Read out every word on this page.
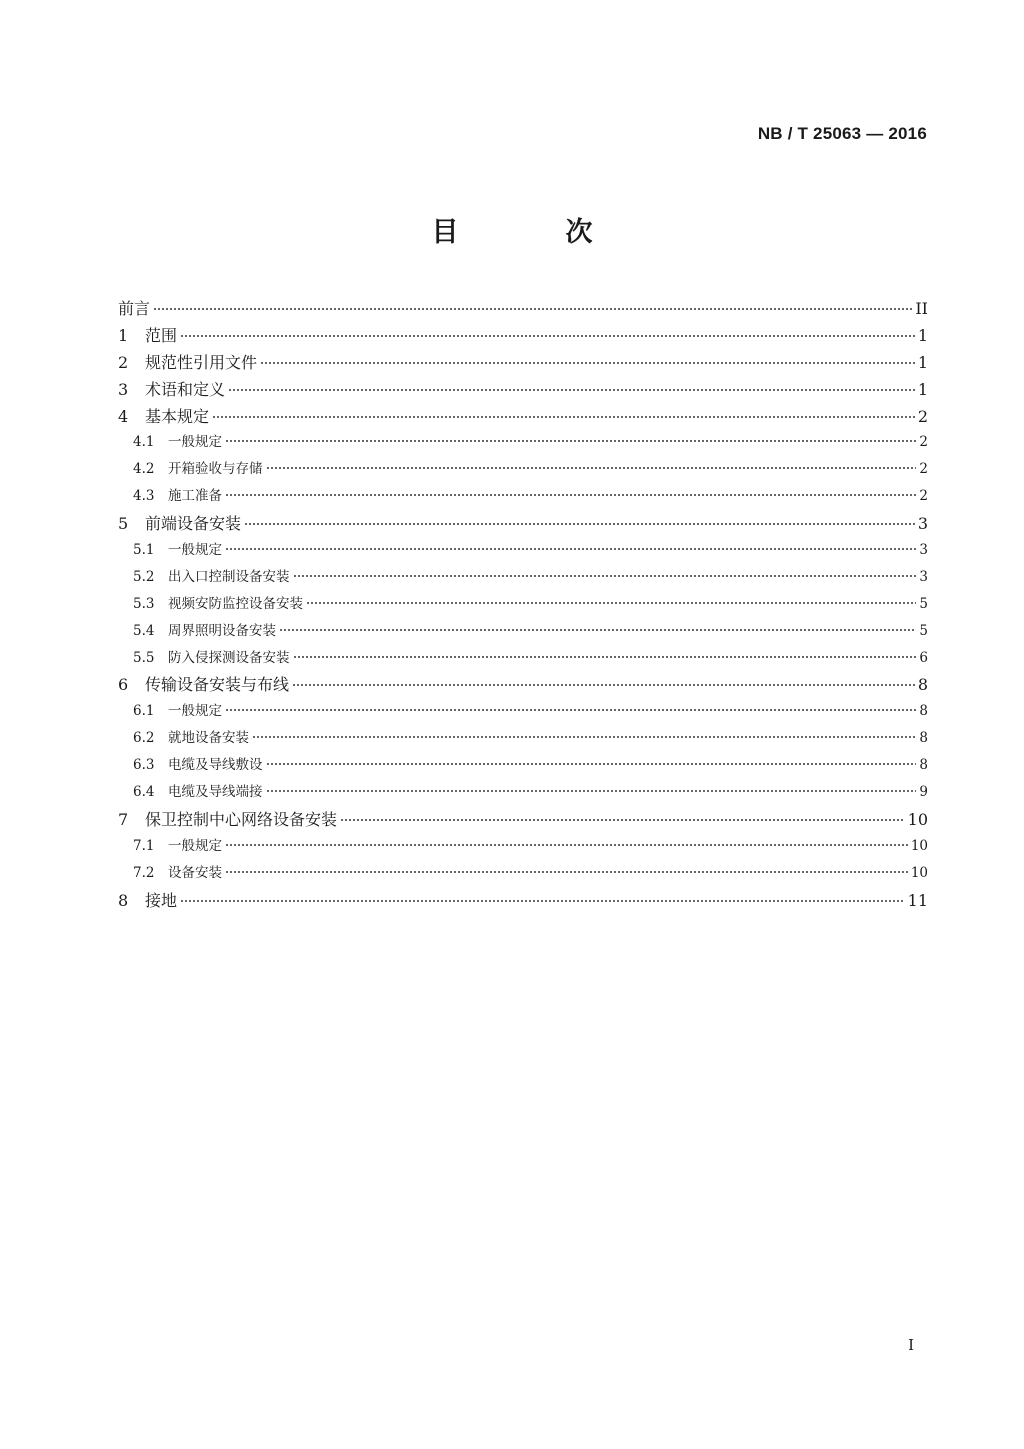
NB / T 25063 — 2016
目　次
前言	II
1	范围	1
2	规范性引用文件	1
3	术语和定义	1
4	基本规定	2
4.1	一般规定	2
4.2	开箱验收与存储	2
4.3	施工准备	2
5	前端设备安装	3
5.1	一般规定	3
5.2	出入口控制设备安装	3
5.3	视频安防监控设备安装	5
5.4	周界照明设备安装	5
5.5	防入侵探测设备安装	6
6	传输设备安装与布线	8
6.1	一般规定	8
6.2	就地设备安装	8
6.3	电缆及导线敷设	8
6.4	电缆及导线端接	9
7	保卫控制中心网络设备安装	10
7.1	一般规定	10
7.2	设备安装	10
8	接地	11
I
